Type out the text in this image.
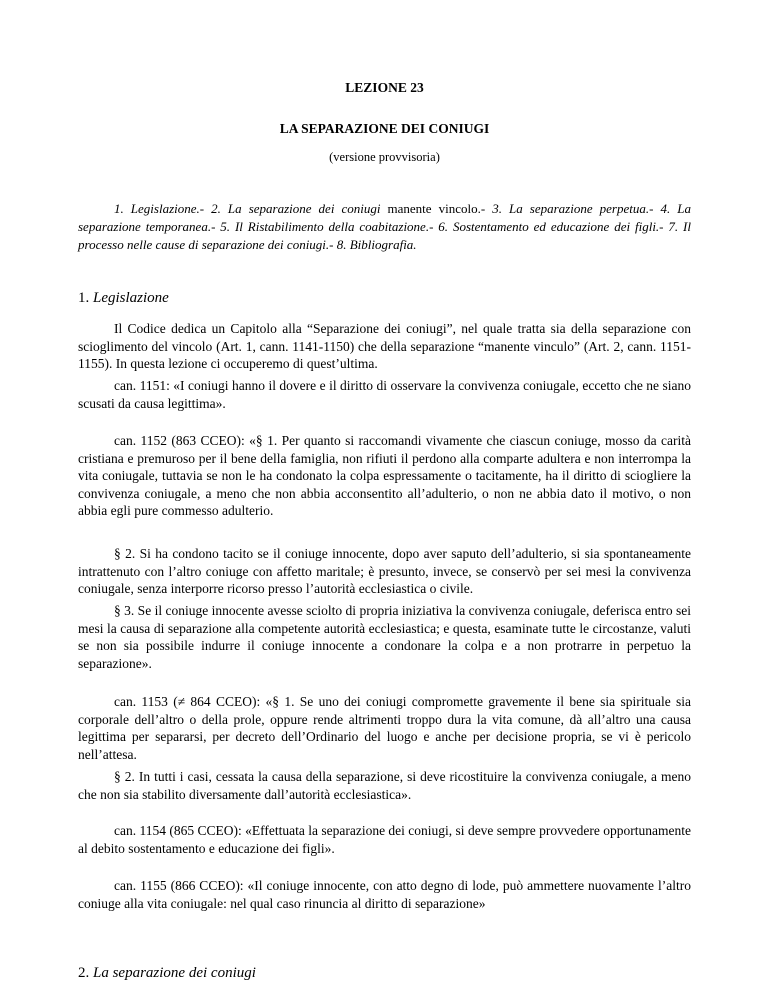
LEZIONE 23
LA SEPARAZIONE DEI CONIUGI
(versione provvisoria)
1. Legislazione.- 2. La separazione dei coniugi manente vincolo.- 3. La separazione perpetua.- 4. La separazione temporanea.- 5. Il Ristabilimento della coabitazione.- 6. Sostentamento ed educazione dei figli.- 7. Il processo nelle cause di separazione dei coniugi.- 8. Bibliografia.
1. Legislazione

Il Codice dedica un Capitolo alla “Separazione dei coniugi”, nel quale tratta sia della separazione con scioglimento del vincolo (Art. 1, cann. 1141-1150) che della separazione “manente vinculo” (Art. 2, cann. 1151-1155). In questa lezione ci occuperemo di quest’ultima.

can. 1151: «I coniugi hanno il dovere e il diritto di osservare la convivenza coniugale, eccetto che ne siano scusati da causa legittima».

can. 1152 (863 CCEO): «§ 1. Per quanto si raccomandi vivamente che ciascun coniuge, mosso da carità cristiana e premuroso per il bene della famiglia, non rifiuti il perdono alla comparte adultera e non interrompa la vita coniugale, tuttavia se non le ha condonato la colpa espressamente o tacitamente, ha il diritto di sciogliere la convivenza coniugale, a meno che non abbia acconsentito all’adulterio, o non ne abbia dato il motivo, o non abbia egli pure commesso adulterio.

§ 2. Si ha condono tacito se il coniuge innocente, dopo aver saputo dell’adulterio, si sia spontaneamente intrattenuto con l’altro coniuge con affetto maritale; è presunto, invece, se conservò per sei mesi la convivenza coniugale, senza interporre ricorso presso l’autorità ecclesiastica o civile.

§ 3. Se il coniuge innocente avesse sciolto di propria iniziativa la convivenza coniugale, deferisca entro sei mesi la causa di separazione alla competente autorità ecclesiastica; e questa, esaminate tutte le circostanze, valuti se non sia possibile indurre il coniuge innocente a condonare la colpa e a non protrarre in perpetuo la separazione».

can. 1153 (≠ 864 CCEO): «§ 1. Se uno dei coniugi compromette gravemente il bene sia spirituale sia corporale dell’altro o della prole, oppure rende altrimenti troppo dura la vita comune, dà all’altro una causa legittima per separarsi, per decreto dell’Ordinario del luogo e anche per decisione propria, se vi è pericolo nell’attesa.

§ 2. In tutti i casi, cessata la causa della separazione, si deve ricostituire la convivenza coniugale, a meno che non sia stabilito diversamente dall’autorità ecclesiastica».

can. 1154 (865 CCEO): «Effettuata la separazione dei coniugi, si deve sempre provvedere opportunamente al debito sostentamento e educazione dei figli».

can. 1155 (866 CCEO): «Il coniuge innocente, con atto degno di lode, può ammettere nuovamente l’altro coniuge alla vita coniugale: nel qual caso rinuncia al diritto di separazione»

2. La separazione dei coniugi
